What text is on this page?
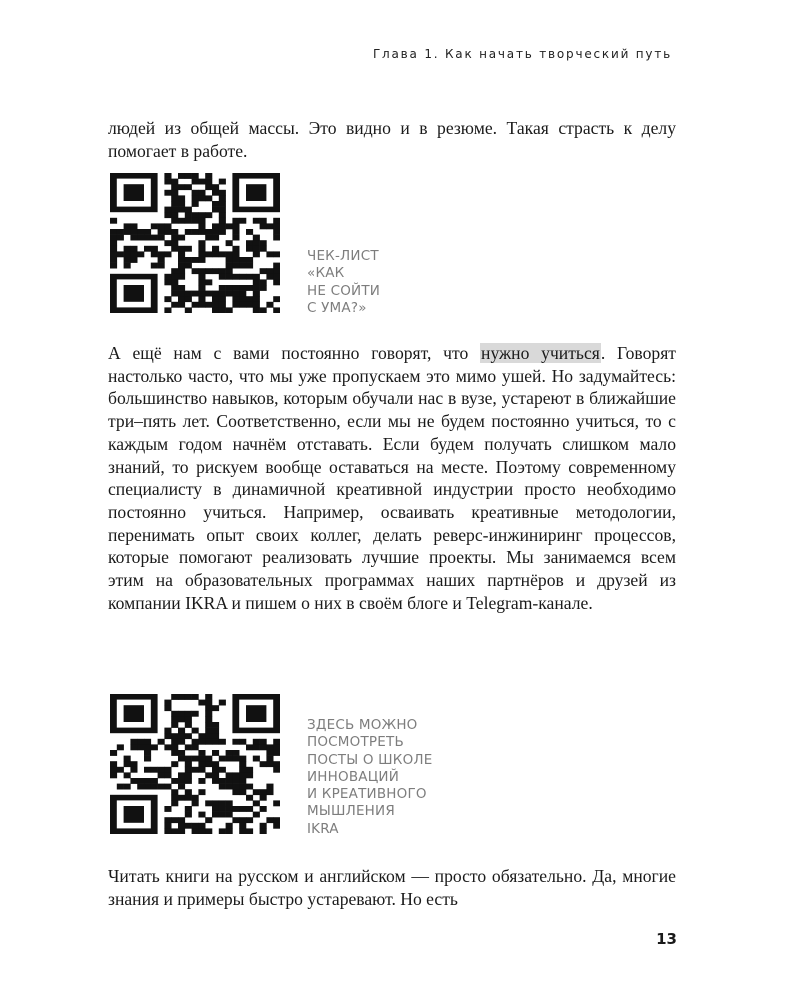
Глава 1. Как начать творческий путь

людей из общей массы. Это видно и в резюме. Такая страсть к делу помогает в работе.

ЧЕК-ЛИСТ
«КАК
НЕ СОЙТИ
С УМА?»

А ещё нам с вами постоянно говорят, что нужно учиться. Говорят настолько часто, что мы уже пропускаем это мимо ушей. Но задумайтесь: большинство навыков, которым обучали нас в вузе, устареют в ближайшие три–пять лет. Соответственно, если мы не будем постоянно учиться, то с каждым годом начнём отставать. Если будем получать слишком мало знаний, то рискуем вообще оставаться на месте. Поэтому современному специалисту в динамичной креативной индустрии просто необходимо постоянно учиться. Например, осваивать креативные методологии, перенимать опыт своих коллег, делать реверс-инжиниринг процессов, которые помогают реализовать лучшие проекты. Мы занимаемся всем этим на образовательных программах наших партнёров и друзей из компании IKRA и пишем о них в своём блоге и Telegram-канале.

ЗДЕСЬ МОЖНО
ПОСМОТРЕТЬ
ПОСТЫ О ШКОЛЕ
ИННОВАЦИЙ
И КРЕАТИВНОГО
МЫШЛЕНИЯ
IKRA

Читать книги на русском и английском — просто обязательно. Да, многие знания и примеры быстро устаревают. Но есть

13
